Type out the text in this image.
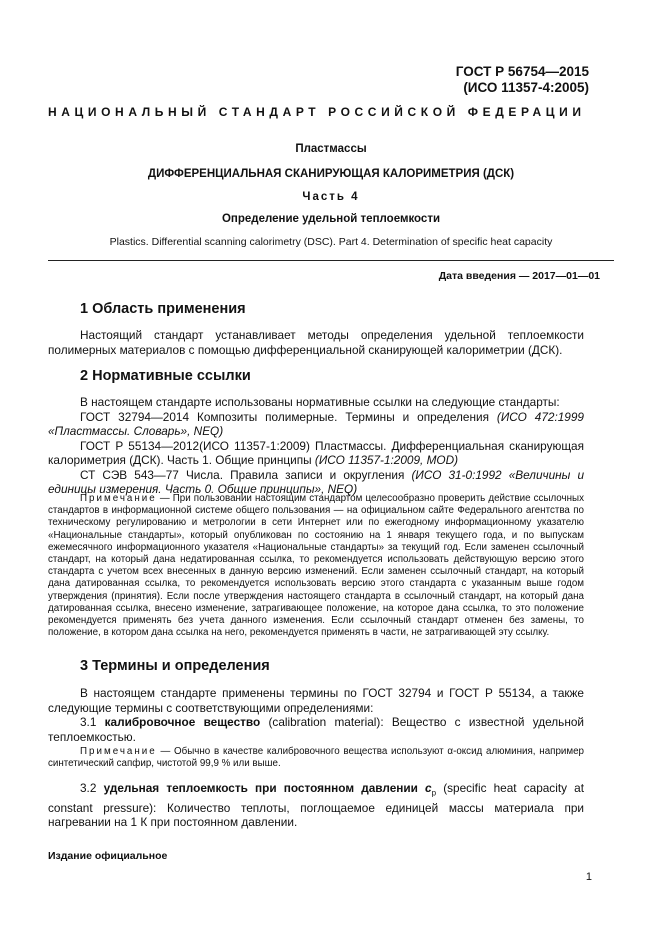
ГОСТ Р 56754—2015
(ИСО 11357-4:2005)
НАЦИОНАЛЬНЫЙ СТАНДАРТ РОССИЙСКОЙ ФЕДЕРАЦИИ
Пластмассы
ДИФФЕРЕНЦИАЛЬНАЯ СКАНИРУЮЩАЯ КАЛОРИМЕТРИЯ (ДСК)
Часть 4
Определение удельной теплоемкости
Plastics. Differential scanning calorimetry (DSC). Part 4. Determination of specific heat capacity
Дата введения — 2017—01—01
1 Область применения

Настоящий стандарт устанавливает методы определения удельной теплоемкости полимерных материалов с помощью дифференциальной сканирующей калориметрии (ДСК).

2 Нормативные ссылки

В настоящем стандарте использованы нормативные ссылки на следующие стандарты:

ГОСТ 32794—2014 Композиты полимерные. Термины и определения (ИСО 472:1999 «Пластмассы. Словарь», NEQ)

ГОСТ Р 55134—2012(ИСО 11357-1:2009) Пластмассы. Дифференциальная сканирующая калориметрия (ДСК). Часть 1. Общие принципы (ИСО 11357-1:2009, MOD)

СТ СЭВ 543—77 Числа. Правила записи и округления (ИСО 31-0:1992 «Величины и единицы измерения. Часть 0. Общие принципы», NEQ)

Примечание — При пользовании настоящим стандартом целесообразно проверить действие ссылочных стандартов в информационной системе общего пользования — на официальном сайте Федерального агентства по техническому регулированию и метрологии в сети Интернет или по ежегодному информационному указателю «Национальные стандарты», который опубликован по состоянию на 1 января текущего года, и по выпускам ежемесячного информационного указателя «Национальные стандарты» за текущий год. Если заменен ссылочный стандарт, на который дана недатированная ссылка, то рекомендуется использовать действующую версию этого стандарта с учетом всех внесенных в данную версию изменений. Если заменен ссылочный стандарт, на который дана датированная ссылка, то рекомендуется использовать версию этого стандарта с указанным выше годом утверждения (принятия). Если после утверждения настоящего стандарта в ссылочный стандарт, на который дана датированная ссылка, внесено изменение, затрагивающее положение, на которое дана ссылка, то это положение рекомендуется применять без учета данного изменения. Если ссылочный стандарт отменен без замены, то положение, в котором дана ссылка на него, рекомендуется применять в части, не затрагивающей эту ссылку.

3 Термины и определения

В настоящем стандарте применены термины по ГОСТ 32794 и ГОСТ Р 55134, а также следующие термины с соответствующими определениями:

3.1 калибровочное вещество (calibration material): Вещество с известной удельной теплоемкостью.

Примечание — Обычно в качестве калибровочного вещества используют α-оксид алюминия, например синтетический сапфир, чистотой 99,9 % или выше.

3.2 удельная теплоемкость при постоянном давлении $c_p$ (specific heat capacity at constant pressure): Количество теплоты, поглощаемое единицей массы материала при нагревании на 1 К при постоянном давлении.

Издание официальное
1
